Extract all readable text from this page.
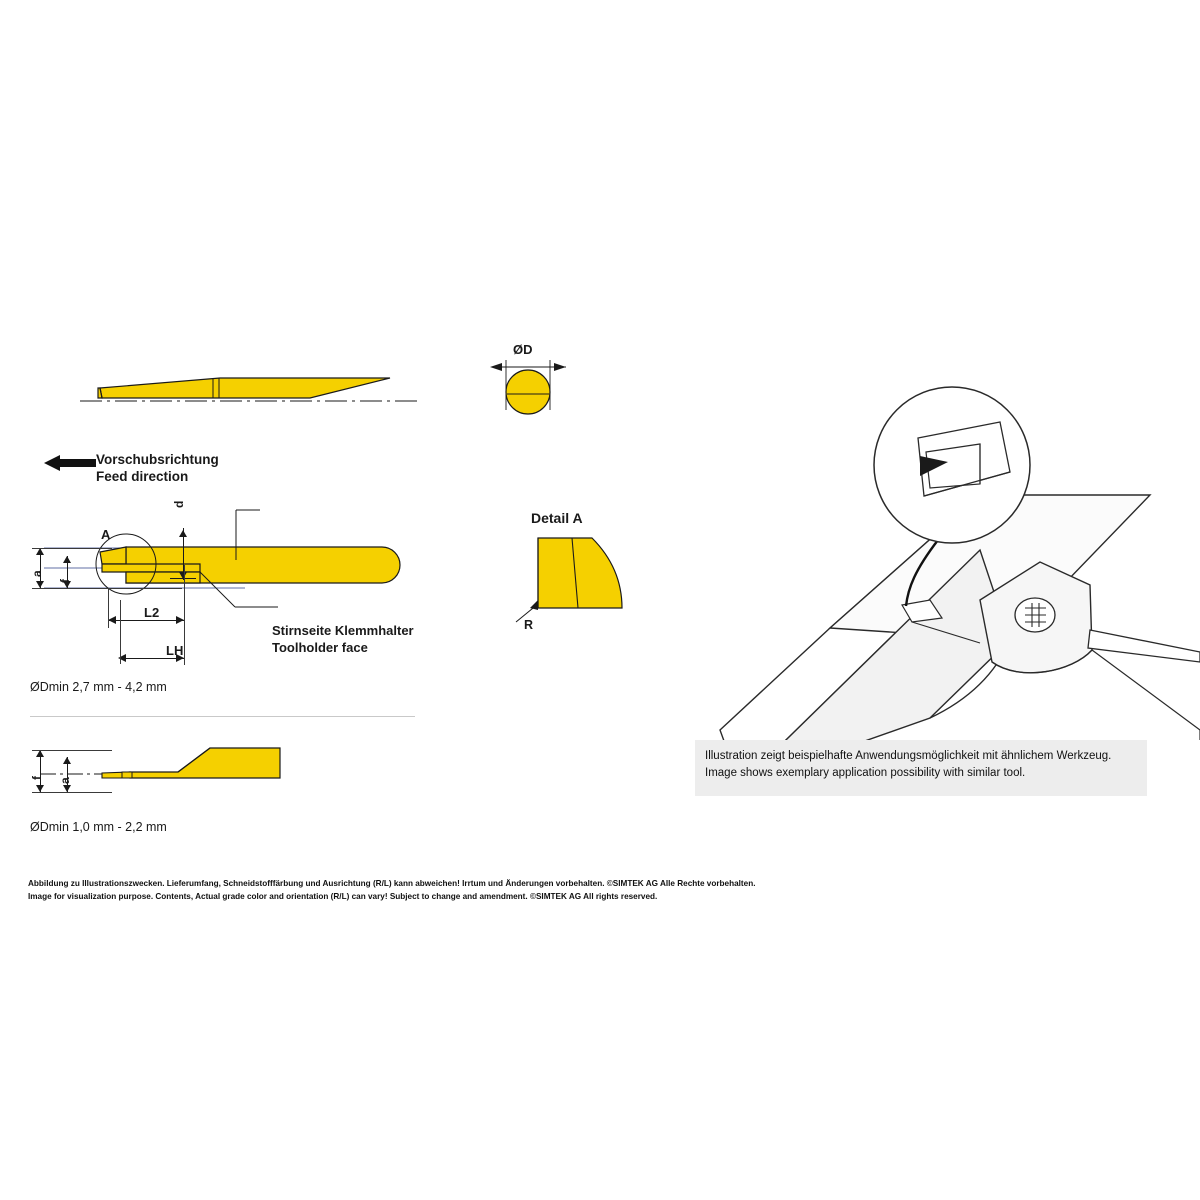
Vorschubsrichtung
Feed direction
d
A
a
f
L2
LH
Stirnseite Klemmhalter
Toolholder face
ØDmin 2,7 mm - 4,2 mm
f a
ØDmin 1,0 mm - 2,2 mm
ØD
Detail A
R
Illustration zeigt beispielhafte Anwendungsmöglichkeit mit ähnlichem Werkzeug.
Image shows exemplary application possibility with similar tool.
Abbildung zu Illustrationszwecken. Lieferumfang, Schneidstofffärbung und Ausrichtung (R/L) kann abweichen! Irrtum und Änderungen vorbehalten. ©SIMTEK AG Alle Rechte vorbehalten.
Image for visualization purpose. Contents, Actual grade color and orientation (R/L) can vary! Subject to change and amendment. ©SIMTEK AG All rights reserved.
